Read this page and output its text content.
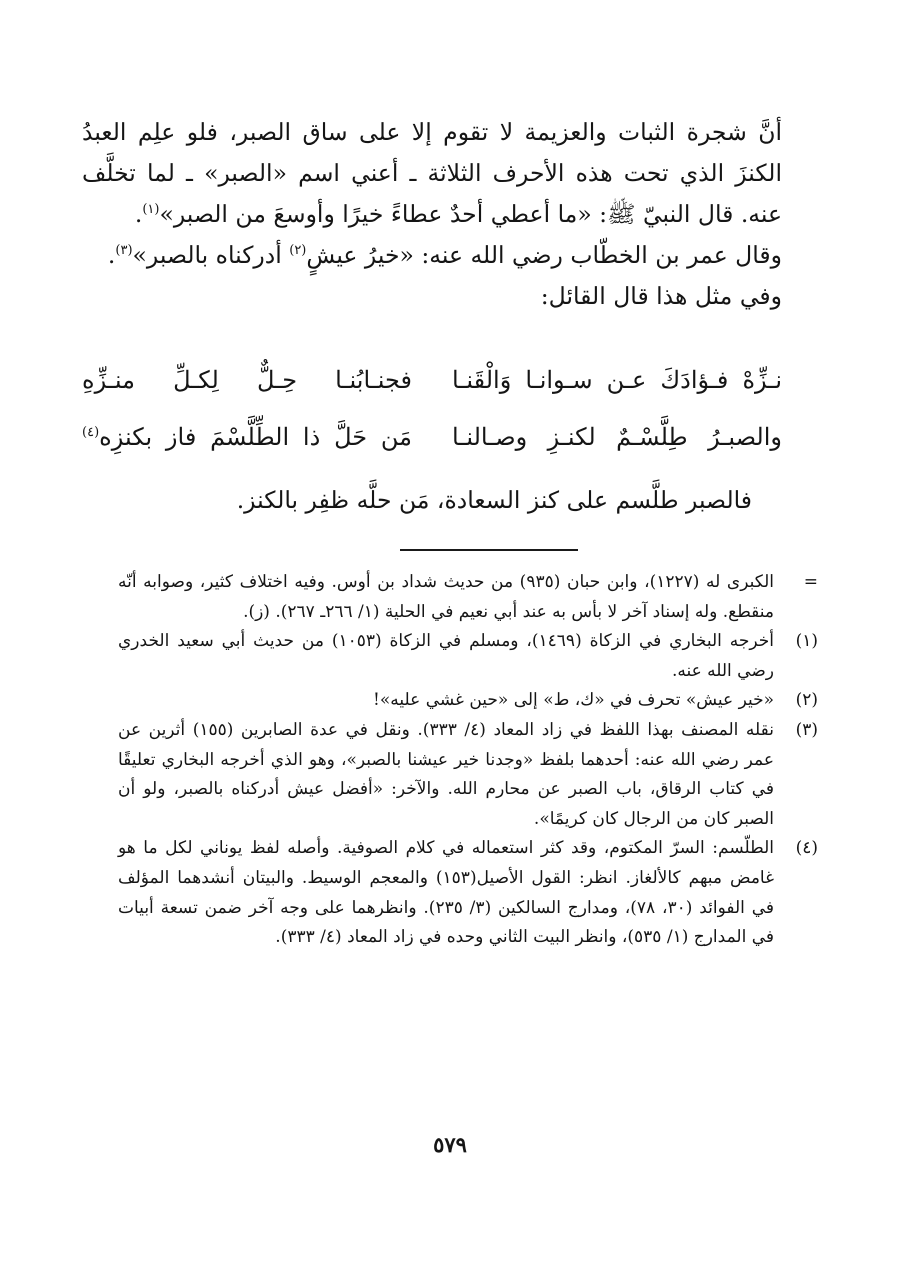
أنَّ شجرة الثبات والعزيمة لا تقوم إلا على ساق الصبر، فلو علِم العبدُ الكنزَ الذي تحت هذه الأحرف الثلاثة ـ أعني اسم «الصبر» ـ لما تخلَّف عنه. قال النبيّ ﷺ: «ما أعطي أحدٌ عطاءً خيرًا وأوسعَ من الصبر»$^{(١)}$.

وقال عمر بن الخطّاب رضي الله عنه: «خيرُ عيشٍ$^{(٢)}$ أدركناه بالصبر»$^{(٣)}$.

وفي مثل هذا قال القائل:

نـزِّهْ فـؤادَكَ عـن سـوانـا وَالْقَنـا
فجنـابُنـا حِـلٌّ لِكـلِّ منـزِّهِ
والصبـرُ طِلَّسْـمٌ لكنـزِ وصـالنـا
مَن حَلَّ ذا الطِّلَّسْمَ فاز بكنزِه$^{(٤)}$
فالصبر طلَّسم على كنز السعادة، مَن حلَّه ظفِر بالكنز.
=
الكبرى له (١٢٢٧)، وابن حبان (٩٣٥) من حديث شداد بن أوس. وفيه اختلاف كثير، وصوابه أنّه منقطع. وله إسناد آخر لا بأس به عند أبي نعيم في الحلية (١/ ٢٦٦ـ ٢٦٧). (ز).
(١)
أخرجه البخاري في الزكاة (١٤٦٩)، ومسلم في الزكاة (١٠٥٣) من حديث أبي سعيد الخدري رضي الله عنه.
(٢)
«خير عيش» تحرف في «ك، ط» إلى «حين غشي عليه»!
(٣)
نقله المصنف بهذا اللفظ في زاد المعاد (٤/ ٣٣٣). ونقل في عدة الصابرين (١٥٥) أثرين عن عمر رضي الله عنه: أحدهما بلفظ «وجدنا خير عيشنا بالصبر»، وهو الذي أخرجه البخاري تعليقًا في كتاب الرقاق، باب الصبر عن محارم الله. والآخر: «أفضل عيش أدركناه بالصبر، ولو أن الصبر كان من الرجال كان كريمًا».
(٤)
الطلّسم: السرّ المكتوم، وقد كثر استعماله في كلام الصوفية. وأصله لفظ يوناني لكل ما هو غامض مبهم كالألغاز. انظر: القول الأصيل(١٥٣) والمعجم الوسيط. والبيتان أنشدهما المؤلف في الفوائد (٣٠، ٧٨)، ومدارج السالكين (٣/ ٢٣٥). وانظرهما على وجه آخر ضمن تسعة أبيات في المدارج (١/ ٥٣٥)، وانظر البيت الثاني وحده في زاد المعاد (٤/ ٣٣٣).
٥٧٩
